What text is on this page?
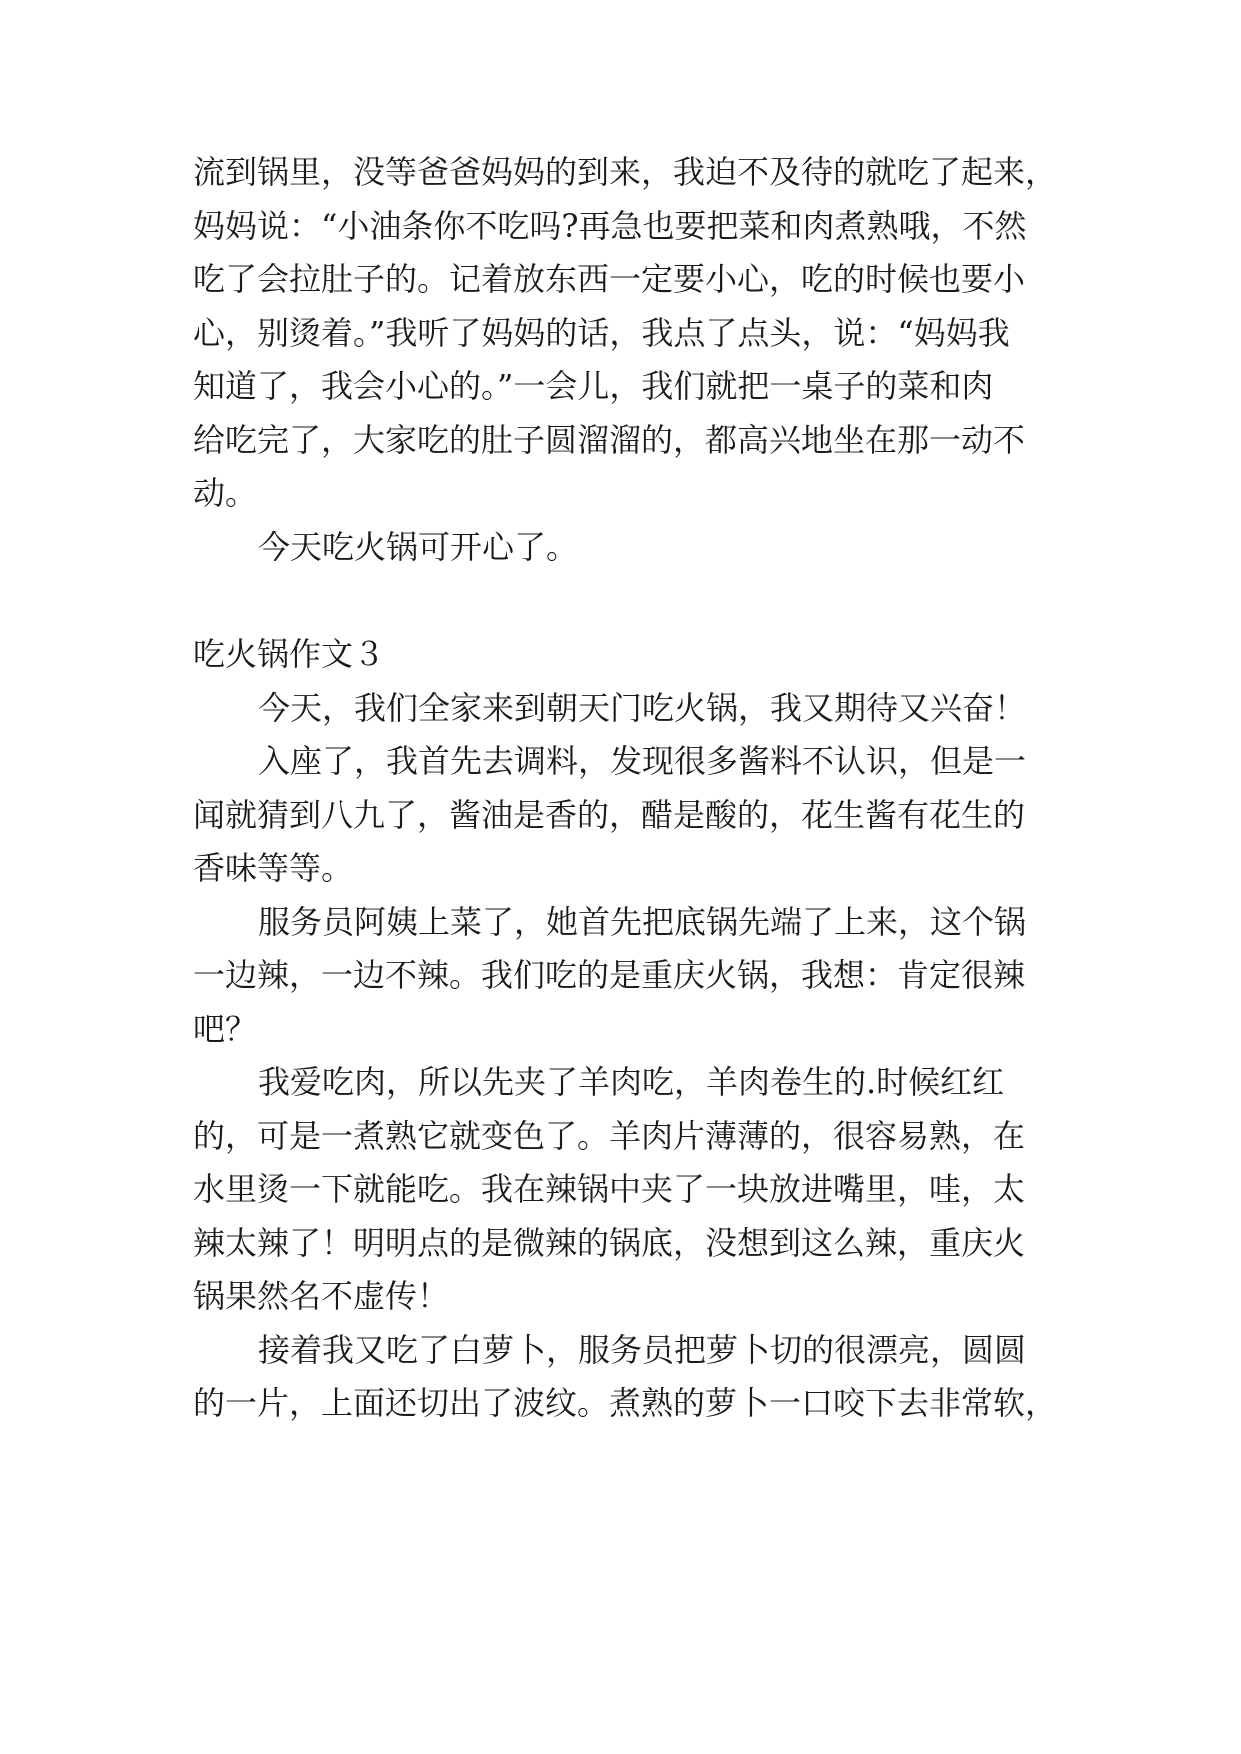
流到锅里，没等爸爸妈妈的到来，我迫不及待的就吃了起来，
妈妈说：“小油条你不吃吗?再急也要把菜和肉煮熟哦，不然
吃了会拉肚子的。记着放东西一定要小心，吃的时候也要小
心，别烫着。”我听了妈妈的话，我点了点头，说：“妈妈我
知道了，我会小心的。”一会儿，我们就把一桌子的菜和肉
给吃完了，大家吃的肚子圆溜溜的，都高兴地坐在那一动不
动。
今天吃火锅可开心了。
吃火锅作文３
今天，我们全家来到朝天门吃火锅，我又期待又兴奋！
入座了，我首先去调料，发现很多酱料不认识，但是一
闻就猜到八九了，酱油是香的，醋是酸的，花生酱有花生的
香味等等。
服务员阿姨上菜了，她首先把底锅先端了上来，这个锅
一边辣，一边不辣。我们吃的是重庆火锅，我想：肯定很辣
吧？
我爱吃肉，所以先夹了羊肉吃，羊肉卷生的.时候红红
的，可是一煮熟它就变色了。羊肉片薄薄的，很容易熟，在
水里烫一下就能吃。我在辣锅中夹了一块放进嘴里，哇，太
辣太辣了！明明点的是微辣的锅底，没想到这么辣，重庆火
锅果然名不虚传！
接着我又吃了白萝卜，服务员把萝卜切的很漂亮，圆圆
的一片，上面还切出了波纹。煮熟的萝卜一口咬下去非常软，
